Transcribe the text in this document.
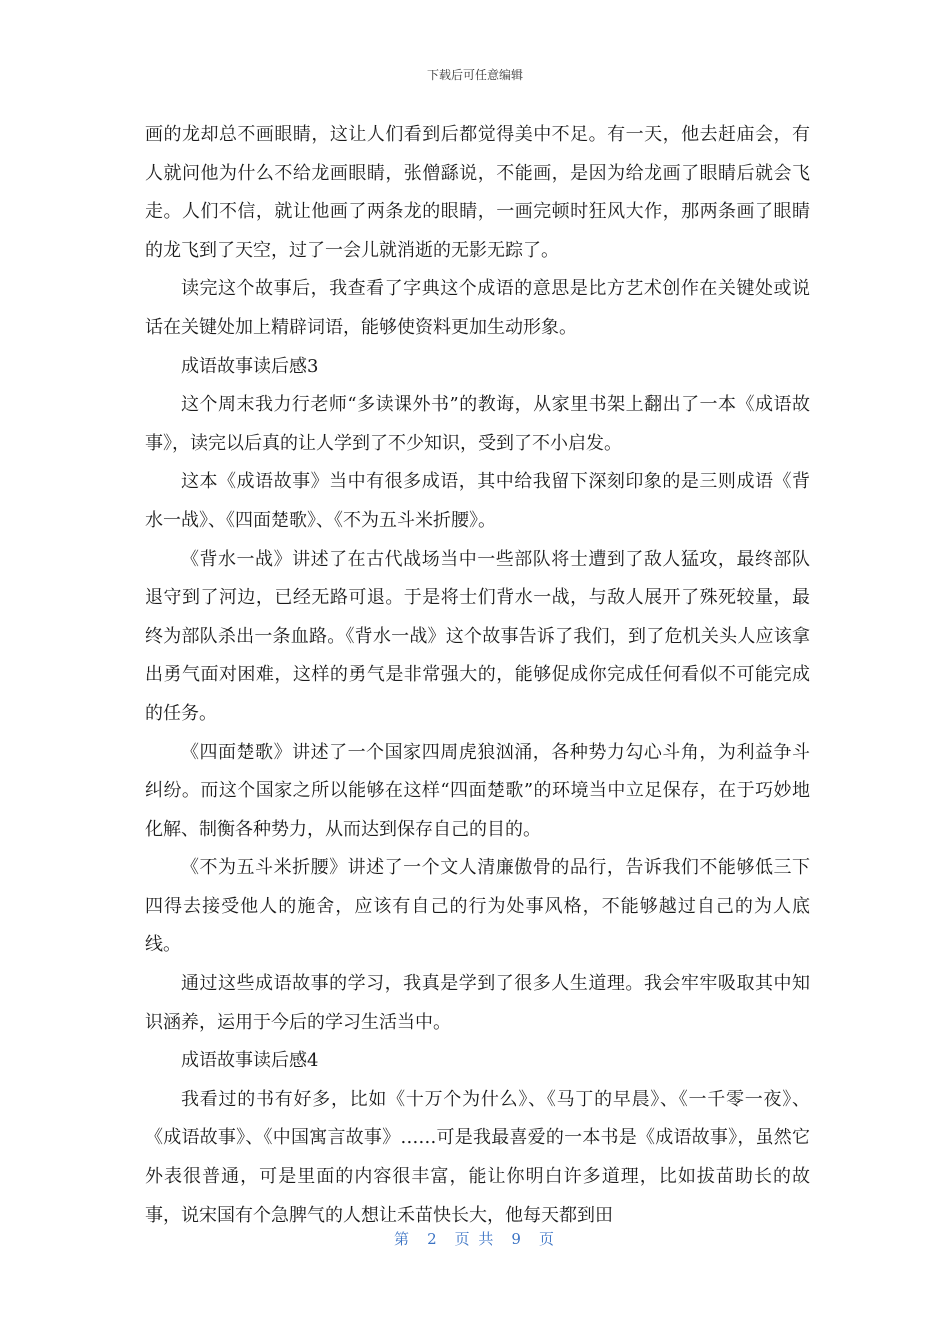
下载后可任意编辑

画的龙却总不画眼睛，这让人们看到后都觉得美中不足。有一天，他去赶庙会，有人就问他为什么不给龙画眼睛，张僧繇说，不能画，是因为给龙画了眼睛后就会飞走。人们不信，就让他画了两条龙的眼睛，一画完顿时狂风大作，那两条画了眼睛的龙飞到了天空，过了一会儿就消逝的无影无踪了。

读完这个故事后，我查看了字典这个成语的意思是比方艺术创作在关键处或说话在关键处加上精辟词语，能够使资料更加生动形象。

成语故事读后感3

这个周末我力行老师“多读课外书”的教诲，从家里书架上翻出了一本《成语故事》，读完以后真的让人学到了不少知识，受到了不小启发。

这本《成语故事》当中有很多成语，其中给我留下深刻印象的是三则成语《背水一战》、《四面楚歌》、《不为五斗米折腰》。

《背水一战》讲述了在古代战场当中一些部队将士遭到了敌人猛攻，最终部队退守到了河边，已经无路可退。于是将士们背水一战，与敌人展开了殊死较量，最终为部队杀出一条血路。《背水一战》这个故事告诉了我们，到了危机关头人应该拿出勇气面对困难，这样的勇气是非常强大的，能够促成你完成任何看似不可能完成的任务。

《四面楚歌》讲述了一个国家四周虎狼汹涌，各种势力勾心斗角，为利益争斗纠纷。而这个国家之所以能够在这样“四面楚歌”的环境当中立足保存，在于巧妙地化解、制衡各种势力，从而达到保存自己的目的。

《不为五斗米折腰》讲述了一个文人清廉傲骨的品行，告诉我们不能够低三下四得去接受他人的施舍，应该有自己的行为处事风格，不能够越过自己的为人底线。

通过这些成语故事的学习，我真是学到了很多人生道理。我会牢牢吸取其中知识涵养，运用于今后的学习生活当中。

成语故事读后感4

我看过的书有好多，比如《十万个为什么》、《马丁的早晨》、《一千零一夜》、《成语故事》、《中国寓言故事》……可是我最喜爱的一本书是《成语故事》，虽然它外表很普通，可是里面的内容很丰富，能让你明白许多道理，比如拔苗助长的故事，说宋国有个急脾气的人想让禾苗快长大，他每天都到田

第 2 页 共 9 页
